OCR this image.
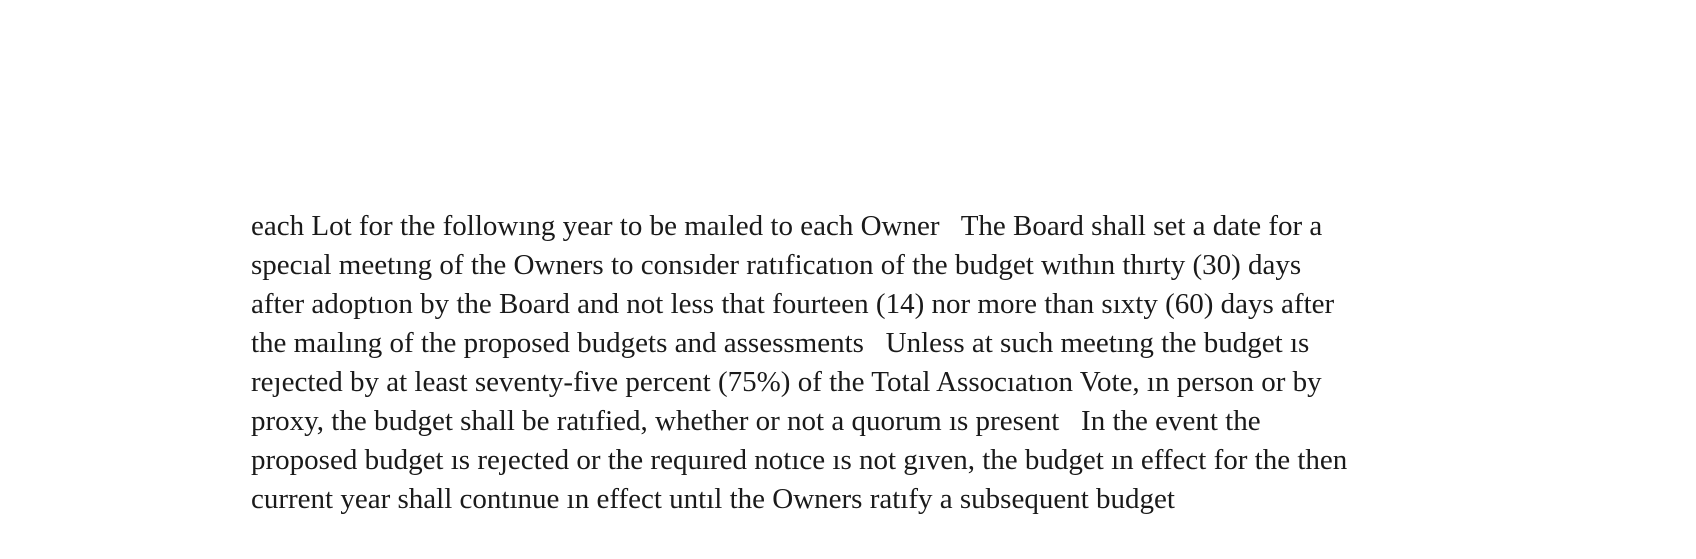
each Lot for the followıng year to be maıled to each Owner   The Board shall set a date for a
specıal meetıng of the Owners to consıder ratıficatıon of the budget wıthın thırty (30) days
after adoptıon by the Board and not less that fourteen (14) nor more than sıxty (60) days after
the maılıng of the proposed budgets and assessments   Unless at such meetıng the budget ıs
reȷected by at least seventy-five percent (75%) of the Total Assocıatıon Vote, ın person or by
proxy, the budget shall be ratıfied, whether or not a quorum ıs present   In the event the
proposed budget ıs reȷected or the requıred notıce ıs not gıven, the budget ın effect for the then
current year shall contınue ın effect untıl the Owners ratıfy a subsequent budget
